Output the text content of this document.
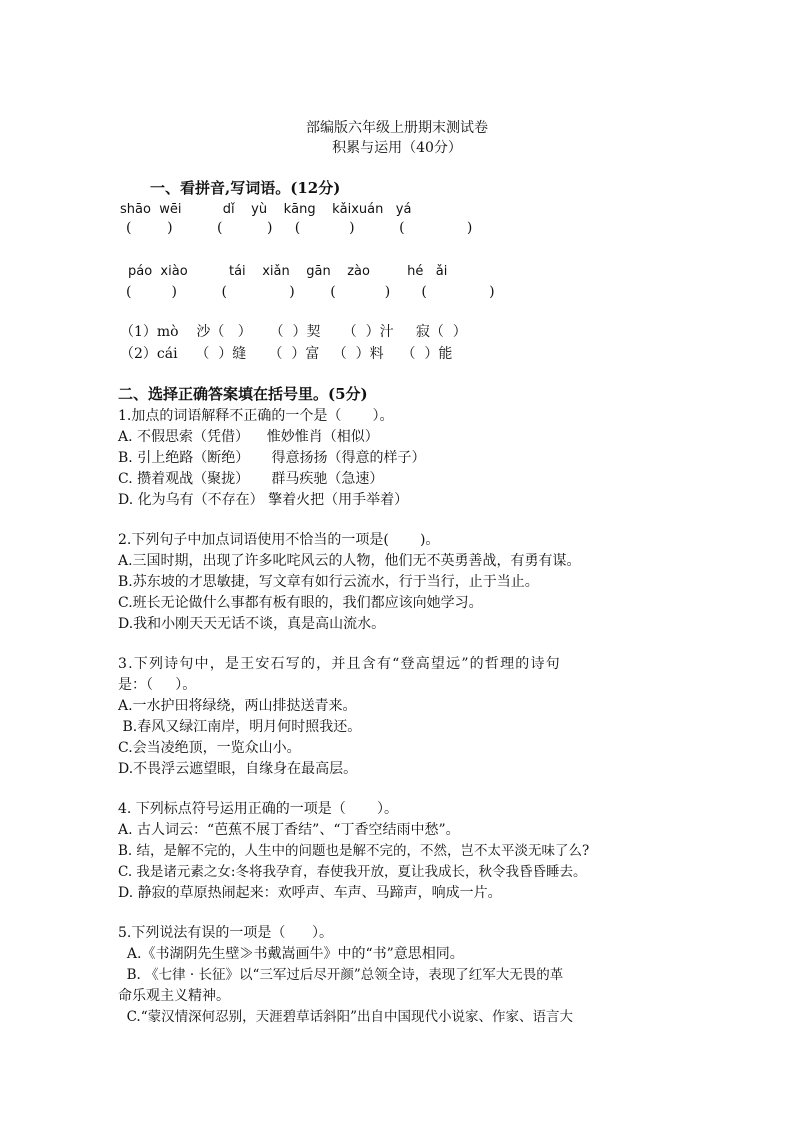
部编版六年级上册期末测试卷
积累与运用（40分）
一、看拼音,写词语。(12分)
shāo  wēi          dǐ    yù    kāng    kǎixuán   yá
(        )          (          )     (           )          (              )
páo  xiào          tái    xiǎn    gān    zào         hé   ǎi
(         )          (              )        (           )       (              )
（1）mò    沙（   ）    （  ）契     （  ）汁     寂（  ）
（2）cái    （  ）缝     （  ）富   （  ）料    （  ）能
二、选择正确答案填在括号里。(5分)
1.加点的词语解释不正确的一个是（       ）。
A. 不假思索（凭借）    惟妙惟肖（相似）
B. 引上绝路（断绝）     得意扬扬（得意的样子）
C. 攒着观战（聚拢）     群马疾驰（急速）
D. 化为乌有（不存在） 擎着火把（用手举着）
2.下列句子中加点词语使用不恰当的一项是(       )。
A.三国时期，出现了许多叱咤风云的人物，他们无不英勇善战，有勇有谋。
B.苏东坡的才思敏捷，写文章有如行云流水，行于当行，止于当止。
C.班长无论做什么事都有板有眼的，我们都应该向她学习。
D.我和小刚天天无话不谈，真是高山流水。
3.下列诗句中，是王安石写的，并且含有“登高望远”的哲理的诗句
是：（     ）。
A.一水护田将绿绕，两山排挞送青来。
B.春风又绿江南岸，明月何时照我还。
C.会当凌绝顶，一览众山小。
D.不畏浮云遮望眼，自缘身在最高层。
4. 下列标点符号运用正确的一项是（       ）。
A. 古人词云：“芭蕉不展丁香结”、“丁香空结雨中愁”。
B. 结，是解不完的，人生中的问题也是解不完的，不然，岂不太平淡无味了么?
C. 我是诸元素之女:冬将我孕育，春使我开放，夏让我成长，秋令我昏昏睡去。
D. 静寂的草原热闹起来：欢呼声、车声、马蹄声，响成一片。
5.下列说法有误的一项是（      ）。
A.《书湖阴先生壁≫书戴嵩画牛》中的“书”意思相同。
B. 《七律 · 长征》以“三军过后尽开颜”总领全诗，表现了红军大无畏的革
命乐观主义精神。
C.“蒙汉情深何忍别，天涯碧草话斜阳”出自中国现代小说家、作家、语言大
